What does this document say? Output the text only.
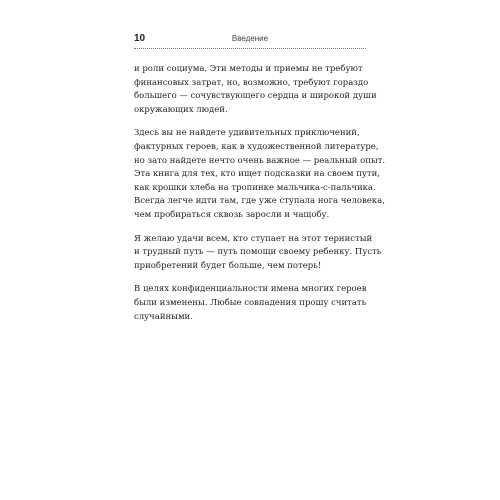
10	Введение

и роли социума. Эти методы и приемы не требуют
финансовых затрат, но, возможно, требуют гораздо
большего — сочувствующего сердца и широкой души
окружающих людей.

Здесь вы не найдете удивительных приключений,
фактурных героев, как в художественной литературе,
но зато найдете нечто очень важное — реальный опыт.
Эта книга для тех, кто ищет подсказки на своем пути,
как крошки хлеба на тропинке мальчика-с-пальчика.
Всегда легче идти там, где уже ступала нога человека,
чем пробираться сквозь заросли и чащобу.

Я желаю удачи всем, кто ступает на этот тернистый
и трудный путь — путь помощи своему ребенку. Пусть
приобретений будет больше, чем потерь!

В целях конфиденциальности имена многих героев
были изменены. Любые совпадения прошу считать
случайными.
